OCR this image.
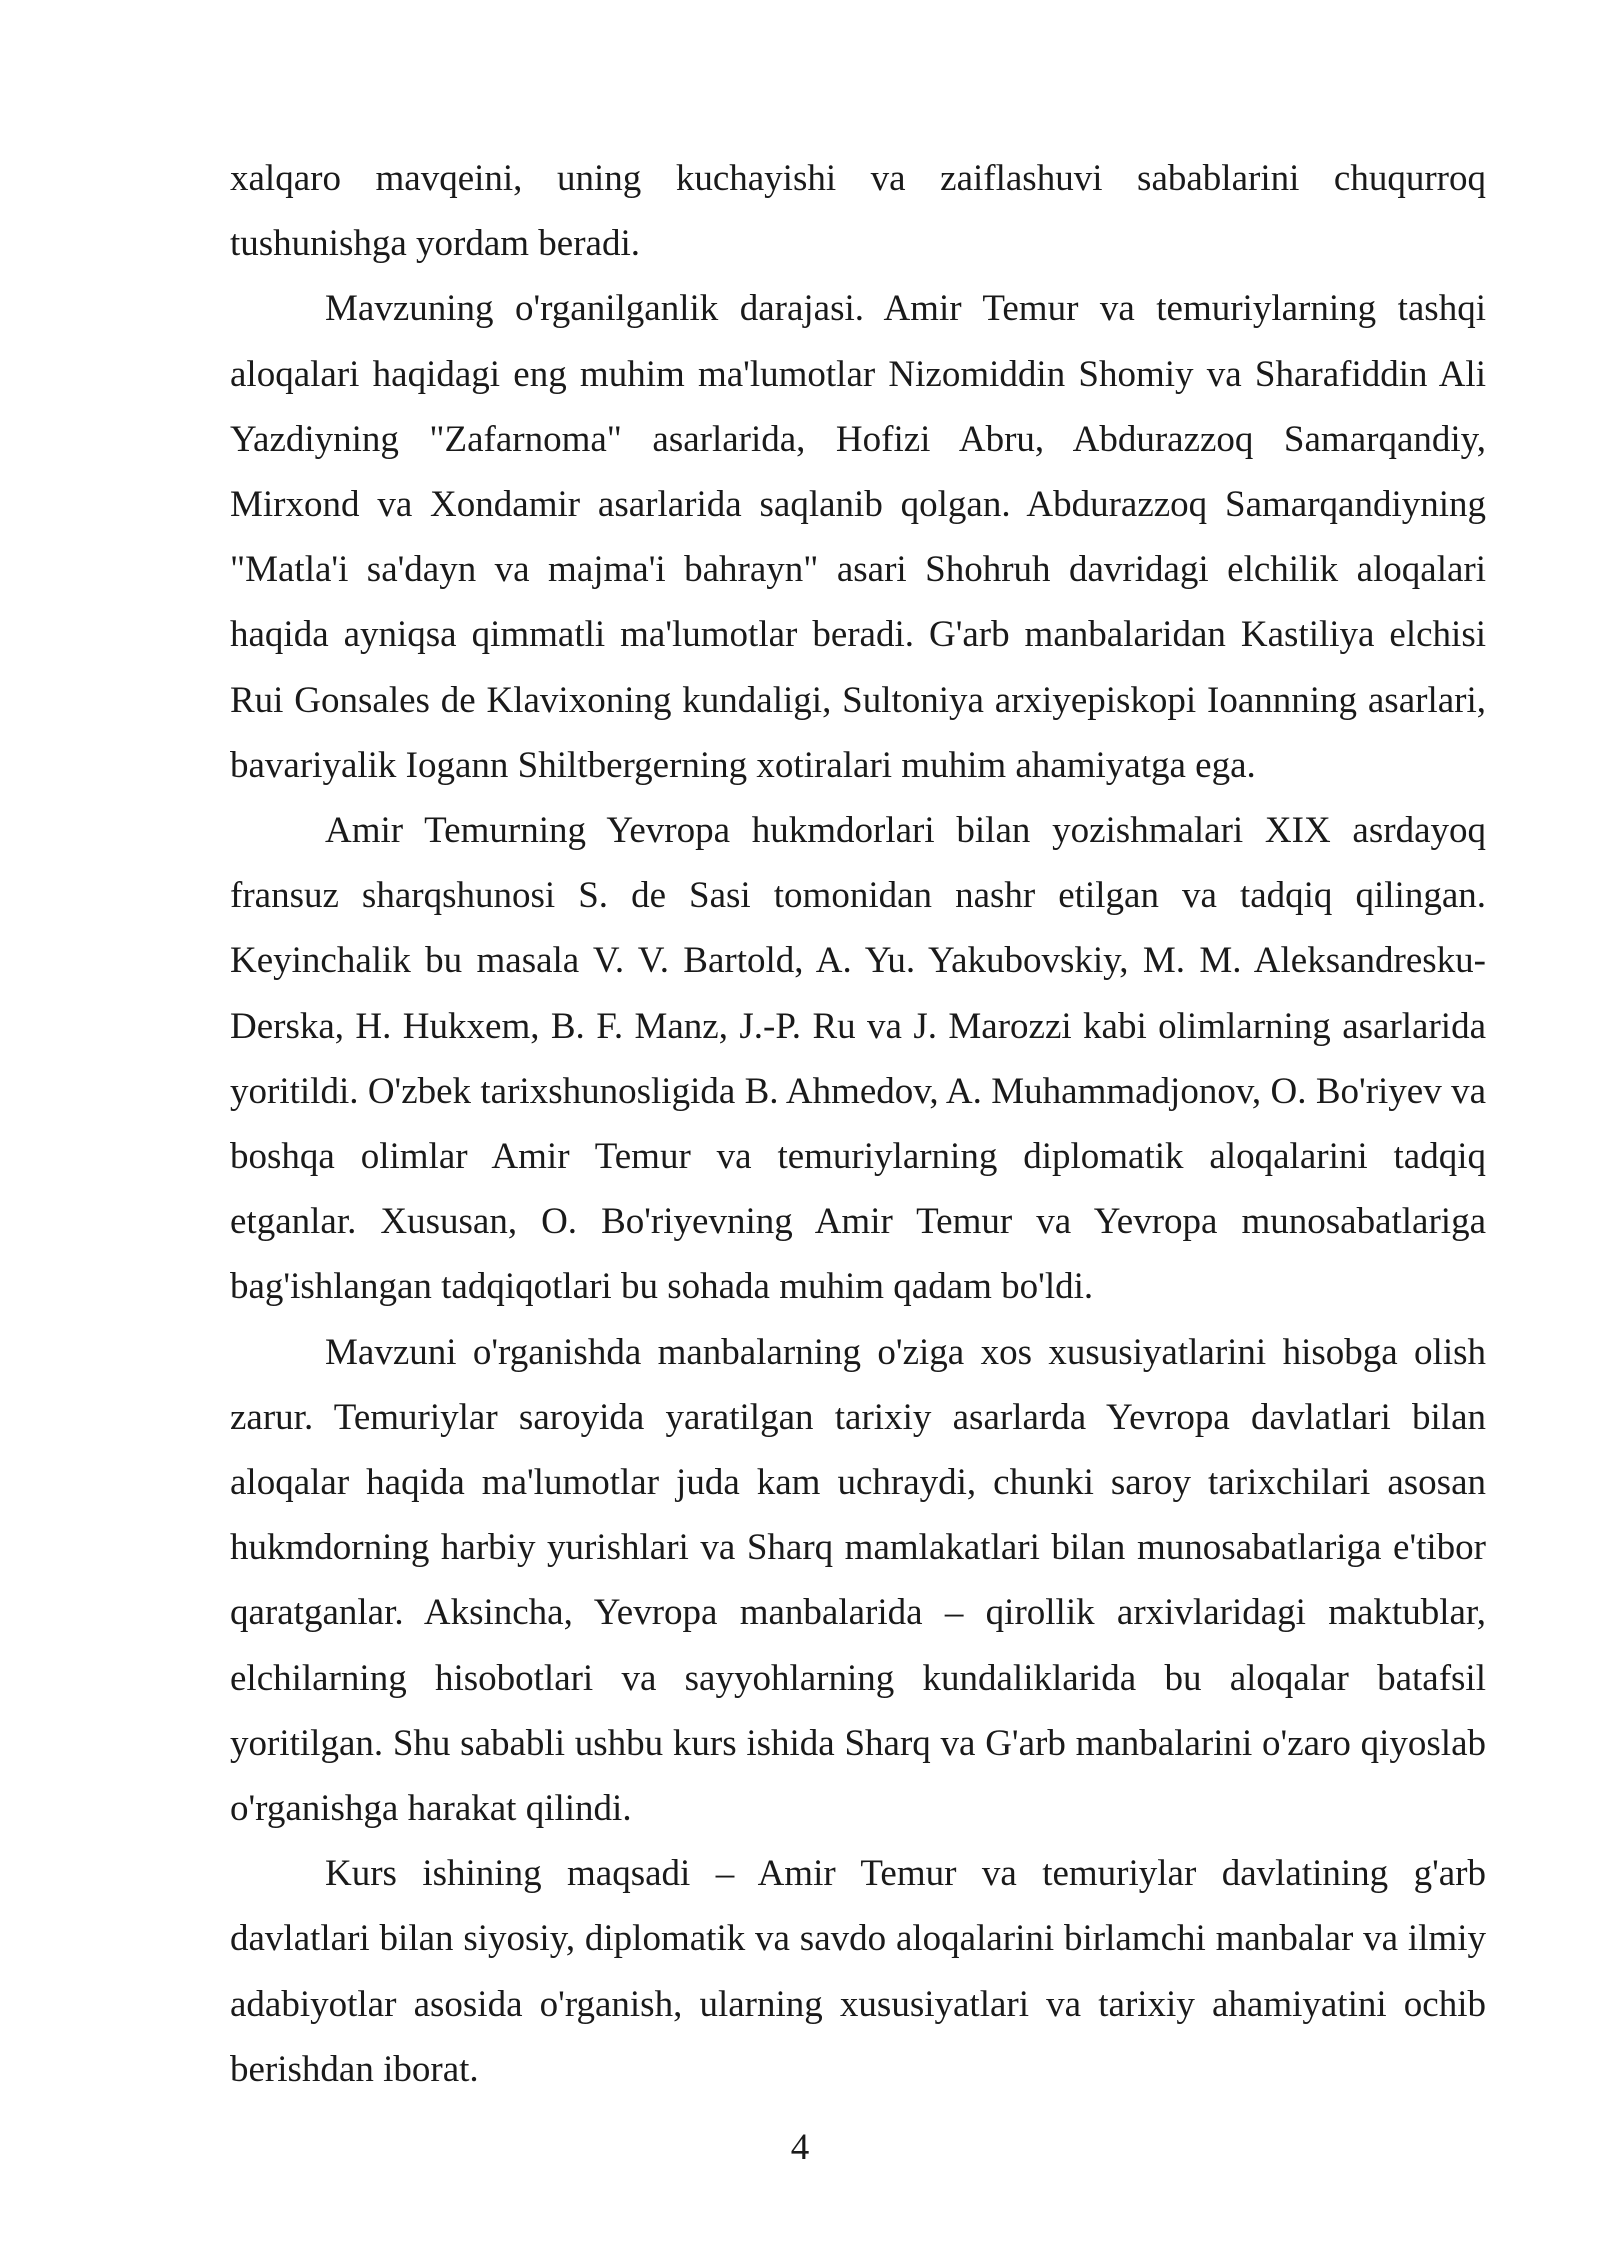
xalqaro mavqeini, uning kuchayishi va zaiflashuvi sabablarini chuqurroq tushunishga yordam beradi.

Mavzuning o'rganilganlik darajasi. Amir Temur va temuriylarning tashqi aloqalari haqidagi eng muhim ma'lumotlar Nizomiddin Shomiy va Sharafiddin Ali Yazdiyning "Zafarnoma" asarlarida, Hofizi Abru, Abdurazzoq Samarqandiy, Mirxond va Xondamir asarlarida saqlanib qolgan. Abdurazzoq Samarqandiyning "Matla'i sa'dayn va majma'i bahrayn" asari Shohruh davridagi elchilik aloqalari haqida ayniqsa qimmatli ma'lumotlar beradi. G'arb manbalaridan Kastiliya elchisi Rui Gonsales de Klavixoning kundaligi, Sultoniya arxiyepiskopi Ioannning asarlari, bavariyalik Iogann Shiltbergerning xotiralari muhim ahamiyatga ega.

Amir Temurning Yevropa hukmdorlari bilan yozishmalari XIX asrdayoq fransuz sharqshunosi S. de Sasi tomonidan nashr etilgan va tadqiq qilingan. Keyinchalik bu masala V. V. Bartold, A. Yu. Yakubovskiy, M. M. Aleksandresku-Derska, H. Hukxem, B. F. Manz, J.-P. Ru va J. Marozzi kabi olimlarning asarlarida yoritildi. O'zbek tarixshunosligida B. Ahmedov, A. Muhammadjonov, O. Bo'riyev va boshqa olimlar Amir Temur va temuriylarning diplomatik aloqalarini tadqiq etganlar. Xususan, O. Bo'riyevning Amir Temur va Yevropa munosabatlariga bag'ishlangan tadqiqotlari bu sohada muhim qadam bo'ldi.

Mavzuni o'rganishda manbalarning o'ziga xos xususiyatlarini hisobga olish zarur. Temuriylar saroyida yaratilgan tarixiy asarlarda Yevropa davlatlari bilan aloqalar haqida ma'lumotlar juda kam uchraydi, chunki saroy tarixchilari asosan hukmdorning harbiy yurishlari va Sharq mamlakatlari bilan munosabatlariga e'tibor qaratganlar. Aksincha, Yevropa manbalarida – qirollik arxivlaridagi maktublar, elchilarning hisobotlari va sayyohlarning kundaliklarida bu aloqalar batafsil yoritilgan. Shu sababli ushbu kurs ishida Sharq va G'arb manbalarini o'zaro qiyoslab o'rganishga harakat qilindi.

Kurs ishining maqsadi – Amir Temur va temuriylar davlatining g'arb davlatlari bilan siyosiy, diplomatik va savdo aloqalarini birlamchi manbalar va ilmiy adabiyotlar asosida o'rganish, ularning xususiyatlari va tarixiy ahamiyatini ochib berishdan iborat.

4
